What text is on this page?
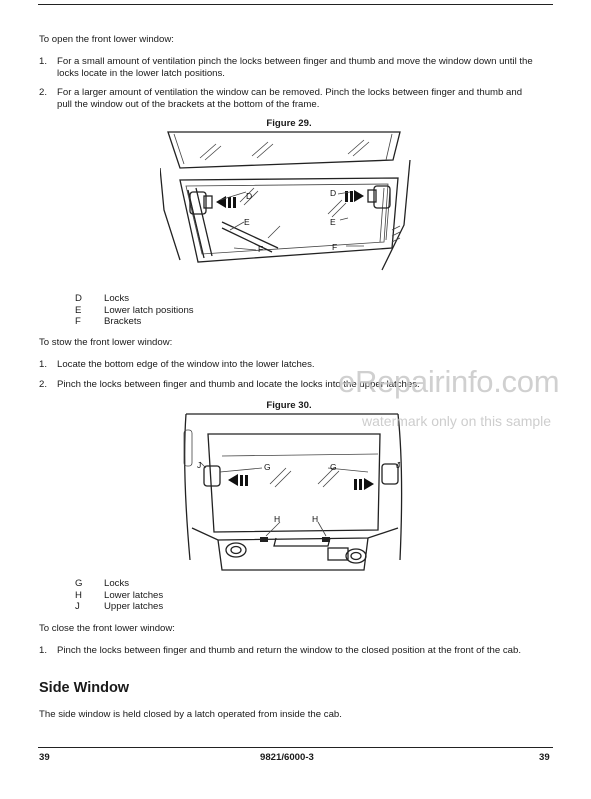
To open the front lower window:

1. For a small amount of ventilation pinch the locks between finger and thumb and move the window down until the locks locate in the lower latch positions.
2. For a larger amount of ventilation the window can be removed. Pinch the locks between finger and thumb and pull the window out of the brackets at the bottom of the frame.
Figure 29.
D	D
E	E
F	F
D	Locks
E	Lower latch positions
F	Brackets

To stow the front lower window:

1. Locate the bottom edge of the window into the lower latches.
2. Pinch the locks between finger and thumb and locate the locks into the upper latches.
Figure 30.
G	G
H	H
J	J
G Locks
H	Lower latches
J	Upper latches

To close the front lower window:

1. Pinch the locks between finger and thumb and return the window to the closed position at the front of the cab.
Side Window

The side window is held closed by a latch operated from inside the cab.

eRepairinfo.com
watermark only on this sample
39	9821/6000-3	39
